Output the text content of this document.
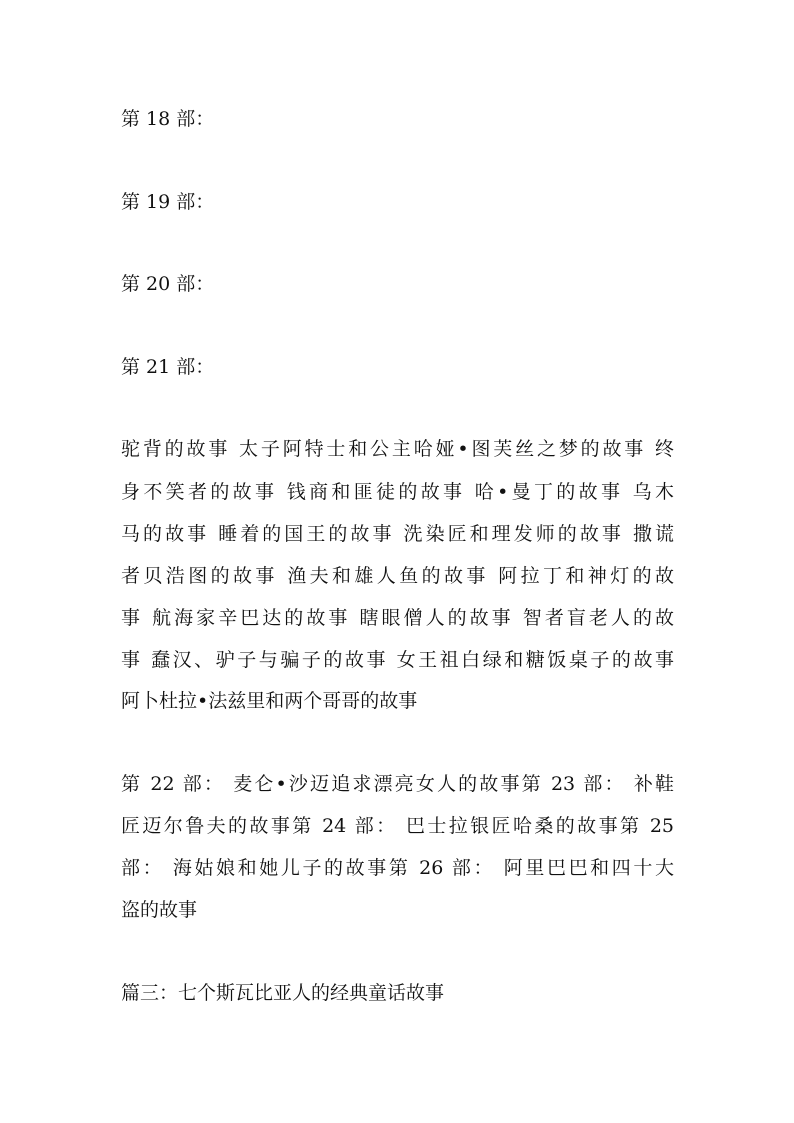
第 18 部：
第 19 部：
第 20 部：
第 21 部：
驼背的故事 太子阿特士和公主哈娅•图芙丝之梦的故事 终
身不笑者的故事 钱商和匪徒的故事 哈•曼丁的故事 乌木
马的故事 睡着的国王的故事 洗染匠和理发师的故事 撒谎
者贝浩图的故事 渔夫和雄人鱼的故事 阿拉丁和神灯的故
事 航海家辛巴达的故事 瞎眼僧人的故事 智者盲老人的故
事 蠢汉、驴子与骗子的故事 女王祖白绿和糖饭桌子的故事
阿卜杜拉•法兹里和两个哥哥的故事
第 22 部： 麦仑•沙迈追求漂亮女人的故事第 23 部： 补鞋
匠迈尔鲁夫的故事第 24 部： 巴士拉银匠哈桑的故事第 25
部： 海姑娘和她儿子的故事第 26 部： 阿里巴巴和四十大
盗的故事
篇三：七个斯瓦比亚人的经典童话故事
